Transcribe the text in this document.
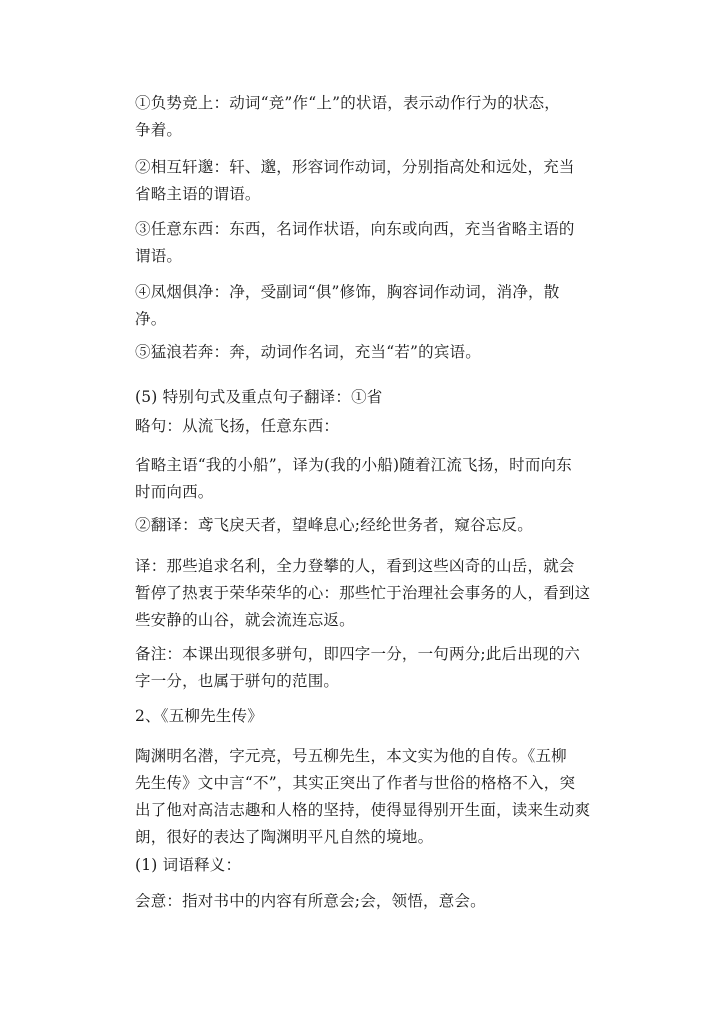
①负势竞上：动词“竞”作“上”的状语，表示动作行为的状态，
争着。
②相互轩邈：轩、邈，形容词作动词，分别指高处和远处，充当
省略主语的谓语。
③任意东西：东西，名词作状语，向东或向西，充当省略主语的
谓语。
④凤烟俱净：净，受副词“俱”修饰，胸容词作动词，消净，散
净。
⑤猛浪若奔：奔，动词作名词，充当“若”的宾语。
(5) 特别句式及重点句子翻译：①省
略句：从流飞扬，任意东西：
省略主语“我的小船”，译为(我的小船)随着江流飞扬，时而向东
时而向西。
②翻译：鸢飞戾天者，望峰息心;经纶世务者，窥谷忘反。
译：那些追求名利，全力登攀的人，看到这些凶奇的山岳，就会
暂停了热衷于荣华荣华的心：那些忙于治理社会事务的人，看到这
些安静的山谷，就会流连忘返。
备注：本课出现很多骈句，即四字一分，一句两分;此后出现的六
字一分，也属于骈句的范围。
2、《五柳先生传》
陶渊明名潜，字元亮，号五柳先生，本文实为他的自传。《五柳
先生传》文中言“不”，其实正突出了作者与世俗的格格不入，突
出了他对高洁志趣和人格的坚持，使得显得别开生面，读来生动爽
朗，很好的表达了陶渊明平凡自然的境地。
(1) 词语释义：
会意：指对书中的内容有所意会;会，领悟，意会。
